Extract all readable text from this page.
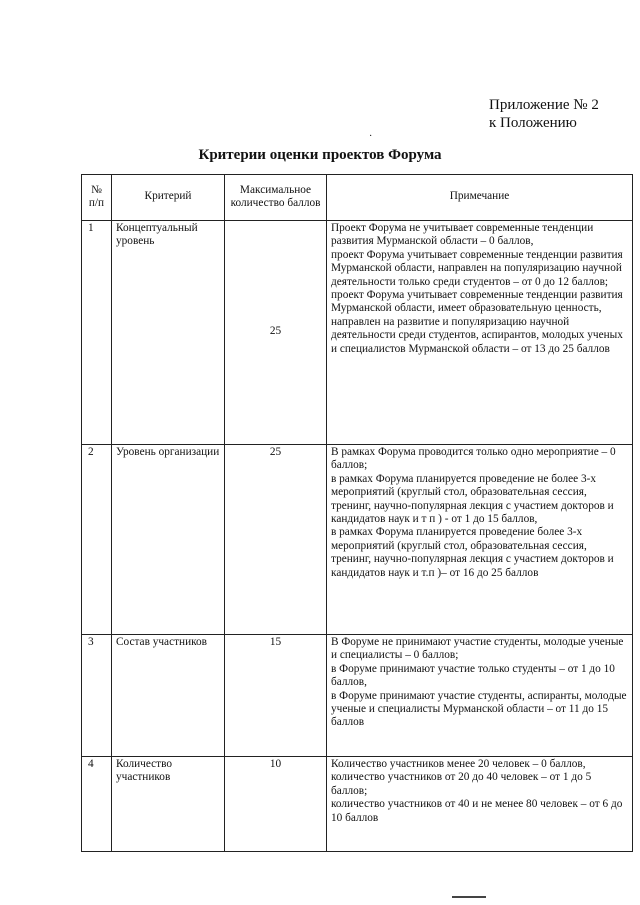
Приложение № 2
к Положению
·
Критерии оценки проектов Форума
№ п/п	Критерий	Максимальное количество баллов	Примечание
1	Концептуальный уровень	25	Проект Форума не учитывает современные тенденции развития Мурманской области – 0 баллов,
проект Форума учитывает современные тенденции развития Мурманской области, направлен на популяризацию научной деятельности только среди студентов – от 0 до 12 баллов;
проект Форума учитывает современные тенденции развития Мурманской области, имеет образовательную ценность, направлен на развитие и популяризацию научной деятельности среди студентов, аспирантов, молодых ученых и специалистов Мурманской области – от 13 до 25 баллов
2	Уровень организации	25	В рамках Форума проводится только одно мероприятие – 0 баллов;
в рамках Форума планируется проведение не более 3-х мероприятий (круглый стол, образовательная сессия, тренинг, научно-популярная лекция с участием докторов и кандидатов наук и т п ) - от 1 до 15 баллов,
в рамках Форума планируется проведение более 3-х мероприятий (круглый стол, образовательная сессия, тренинг, научно-популярная лекция с участием докторов и кандидатов наук и т.п )– от 16 до 25 баллов
3	Состав участников	15	В Форуме не принимают участие студенты, молодые ученые и специалисты – 0 баллов;
в Форуме принимают участие только студенты – от 1 до 10 баллов,
в Форуме принимают участие студенты, аспиранты, молодые ученые и специалисты Мурманской области – от 11 до 15 баллов
4	Количество участников	10	Количество участников менее 20 человек – 0 баллов,
количество участников от 20 до 40 человек – от 1 до 5 баллов;
количество участников от 40 и не менее 80 человек – от 6 до 10 баллов
